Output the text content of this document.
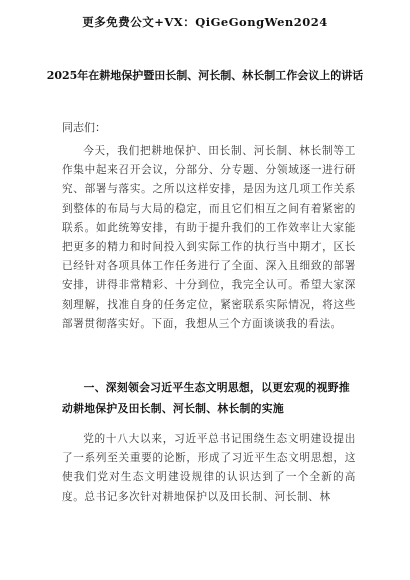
更多免费公文+VX：QiGeGongWen2024
2025年在耕地保护暨田长制、河长制、林长制工作会议上的讲话
同志们：
今天，我们把耕地保护、田长制、河长制、林长制等工作集中起来召开会议，分部分、分专题、分领域逐一进行研究、部署与落实。之所以这样安排，是因为这几项工作关系到整体的布局与大局的稳定，而且它们相互之间有着紧密的联系。如此统筹安排，有助于提升我们的工作效率让大家能把更多的精力和时间投入到实际工作的执行当中期才，区长已经针对各项具体工作任务进行了全面、深入且细致的部署安排，讲得非常精彩、十分到位，我完全认可。希望大家深刻理解，找准自身的任务定位，紧密联系实际情况，将这些部署贯彻落实好。下面，我想从三个方面谈谈我的看法。
一、深刻领会习近平生态文明思想，以更宏观的视野推动耕地保护及田长制、河长制、林长制的实施
党的十八大以来，习近平总书记围绕生态文明建设提出了一系列至关重要的论断，形成了习近平生态文明思想，这使我们党对生态文明建设规律的认识达到了一个全新的高度。总书记多次针对耕地保护以及田长制、河长制、林
